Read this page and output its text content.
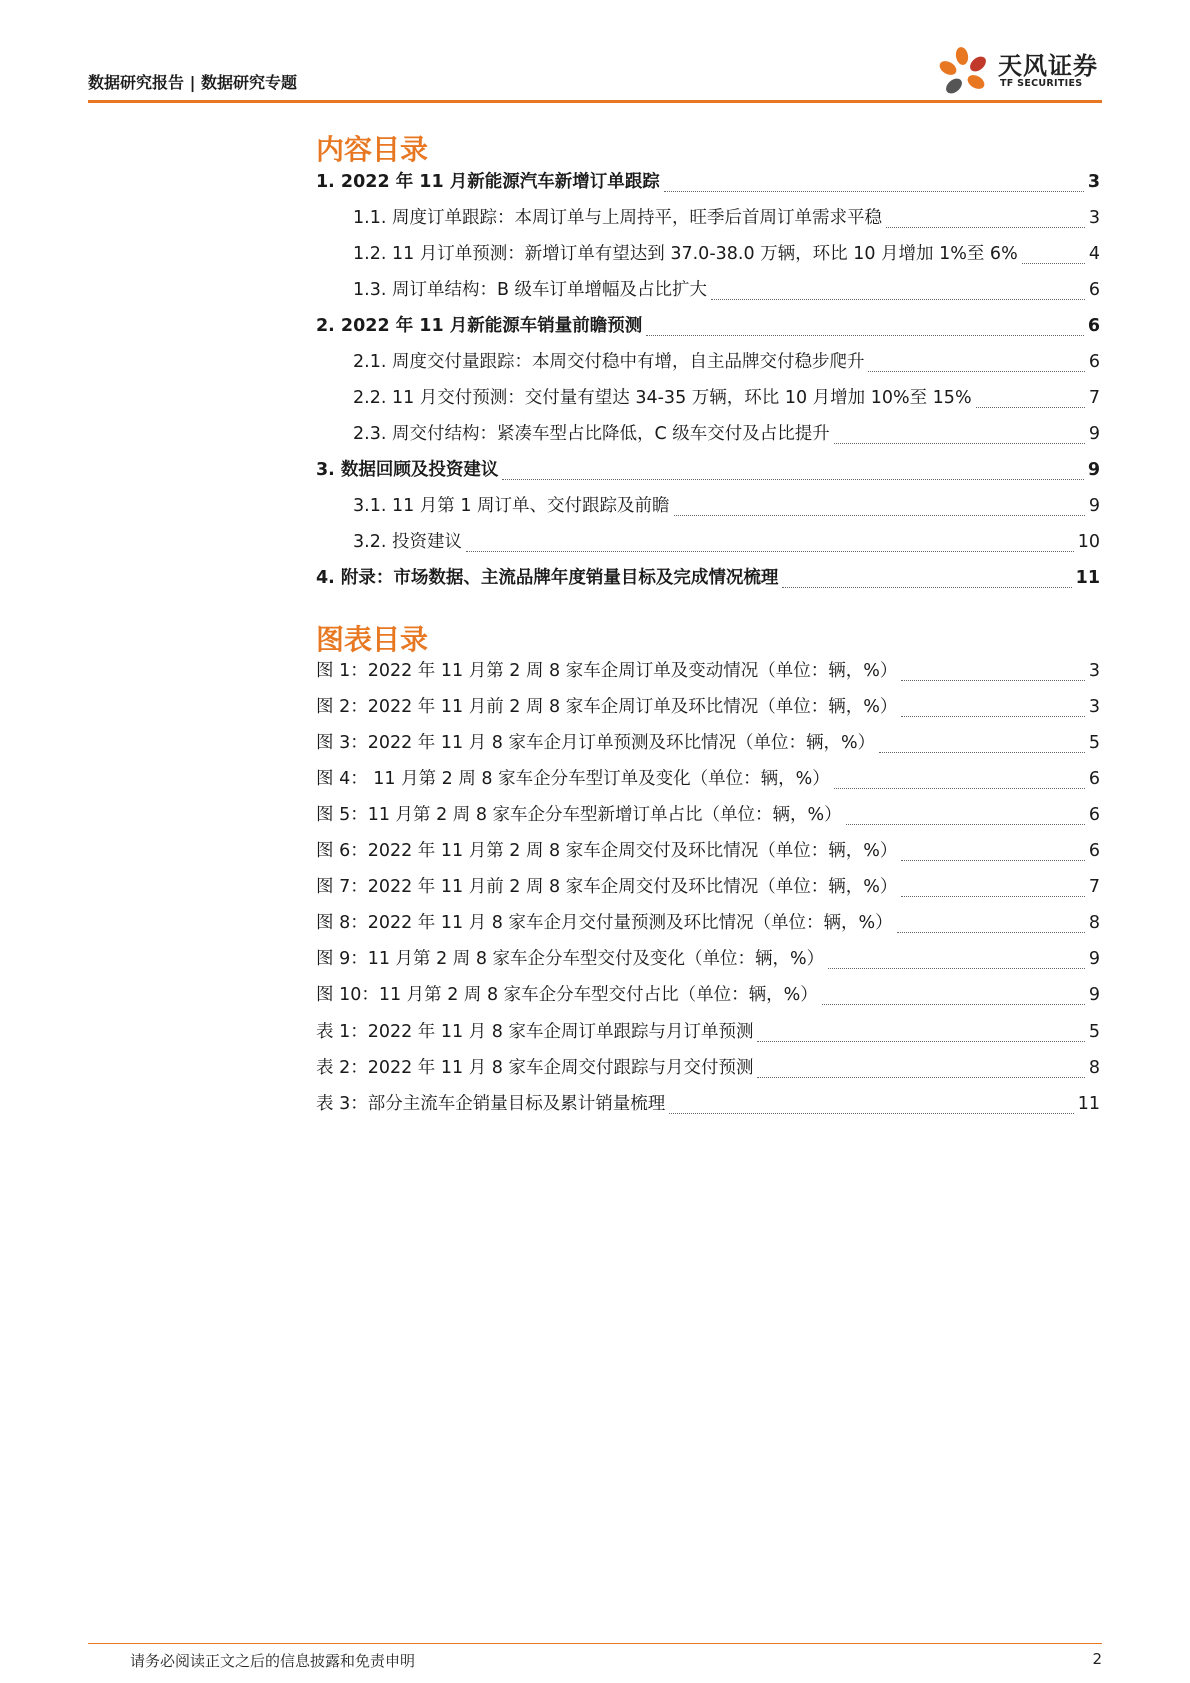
数据研究报告 | 数据研究专题
天风证券
TF SECURITIES
内容目录
1. 2022 年 11 月新能源汽车新增订单跟踪	3
1.1. 周度订单跟踪：本周订单与上周持平，旺季后首周订单需求平稳	3
1.2. 11 月订单预测：新增订单有望达到 37.0-38.0 万辆，环比 10 月增加 1%至 6%	4
1.3. 周订单结构：B 级车订单增幅及占比扩大	6
2. 2022 年 11 月新能源车销量前瞻预测	6
2.1. 周度交付量跟踪：本周交付稳中有增，自主品牌交付稳步爬升	6
2.2. 11 月交付预测：交付量有望达 34-35 万辆，环比 10 月增加 10%至 15%	7
2.3. 周交付结构：紧凑车型占比降低，C 级车交付及占比提升	9
3. 数据回顾及投资建议	9
3.1. 11 月第 1 周订单、交付跟踪及前瞻	9
3.2. 投资建议	10
4. 附录：市场数据、主流品牌年度销量目标及完成情况梳理	11
图表目录
图 1：2022 年 11 月第 2 周 8 家车企周订单及变动情况（单位：辆，%）	3
图 2：2022 年 11 月前 2 周 8 家车企周订单及环比情况（单位：辆，%）	3
图 3：2022 年 11 月 8 家车企月订单预测及环比情况（单位：辆，%）	5
图 4： 11 月第 2 周 8 家车企分车型订单及变化（单位：辆，%）	6
图 5：11 月第 2 周 8 家车企分车型新增订单占比（单位：辆，%）	6
图 6：2022 年 11 月第 2 周 8 家车企周交付及环比情况（单位：辆，%）	6
图 7：2022 年 11 月前 2 周 8 家车企周交付及环比情况（单位：辆，%）	7
图 8：2022 年 11 月 8 家车企月交付量预测及环比情况（单位：辆，%）	8
图 9：11 月第 2 周 8 家车企分车型交付及变化（单位：辆，%）	9
图 10：11 月第 2 周 8 家车企分车型交付占比（单位：辆，%）	9
表 1：2022 年 11 月 8 家车企周订单跟踪与月订单预测	5
表 2：2022 年 11 月 8 家车企周交付跟踪与月交付预测	8
表 3：部分主流车企销量目标及累计销量梳理	11
请务必阅读正文之后的信息披露和免责申明	2
